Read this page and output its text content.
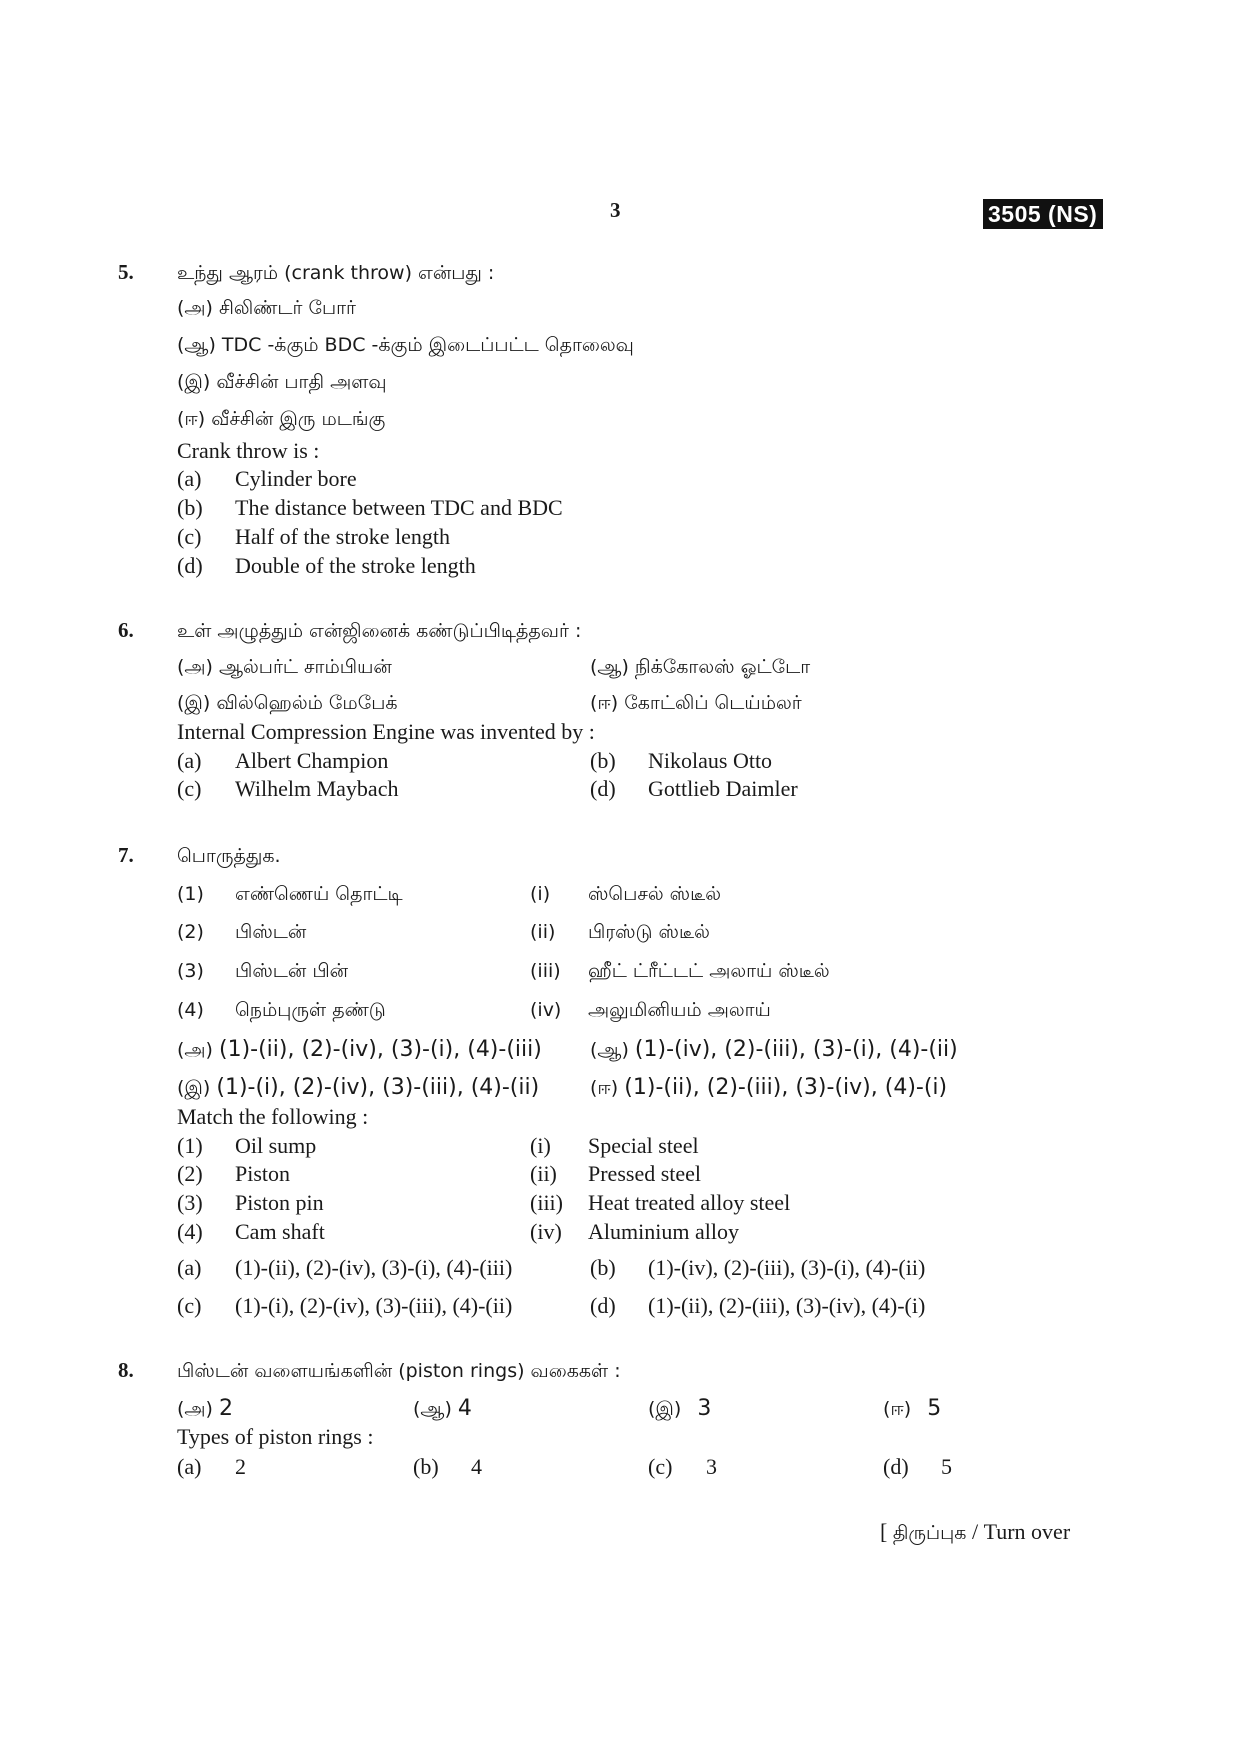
3	3505 (NS)
5. உந்து ஆரம் (crank throw) என்பது :
(அ) சிலிண்டர் போர்
(ஆ) TDC -க்கும் BDC -க்கும் இடைப்பட்ட தொலைவு
(இ) வீச்சின் பாதி அளவு
(ஈ) வீச்சின் இரு மடங்கு
Crank throw is :
(a) Cylinder bore
(b) The distance between TDC and BDC
(c) Half of the stroke length
(d) Double of the stroke length
6. உள் அழுத்தும் என்ஜினைக் கண்டுப்பிடித்தவர் :
(அ) ஆல்பர்ட் சாம்பியன்	(ஆ) நிக்கோலஸ் ஓட்டோ
(இ) வில்ஹெல்ம் மேபேக்	(ஈ) கோட்லிப் டெய்ம்லர்
Internal Compression Engine was invented by :
(a) Albert Champion	(b) Nikolaus Otto
(c) Wilhelm Maybach	(d) Gottlieb Daimler
7. பொருத்துக.
(1) எண்ணெய் தொட்டி	(i) ஸ்பெசல் ஸ்டீல்
(2) பிஸ்டன்	(ii) பிரஸ்டு ஸ்டீல்
(3) பிஸ்டன் பின்	(iii) ஹீட் ட்ரீட்டட் அலாய் ஸ்டீல்
(4) நெம்புருள் தண்டு	(iv) அலுமினியம் அலாய்
(அ) (1)-(ii), (2)-(iv), (3)-(i), (4)-(iii)	(ஆ) (1)-(iv), (2)-(iii), (3)-(i), (4)-(ii)
(இ) (1)-(i), (2)-(iv), (3)-(iii), (4)-(ii)	(ஈ) (1)-(ii), (2)-(iii), (3)-(iv), (4)-(i)
Match the following :
(1) Oil sump	(i) Special steel
(2) Piston	(ii) Pressed steel
(3) Piston pin	(iii) Heat treated alloy steel
(4) Cam shaft	(iv) Aluminium alloy
(a) (1)-(ii), (2)-(iv), (3)-(i), (4)-(iii)	(b) (1)-(iv), (2)-(iii), (3)-(i), (4)-(ii)
(c) (1)-(i), (2)-(iv), (3)-(iii), (4)-(ii)	(d) (1)-(ii), (2)-(iii), (3)-(iv), (4)-(i)
8. பிஸ்டன் வளையங்களின் (piston rings) வகைகள் :
(அ) 2	(ஆ) 4	(இ) 3	(ஈ) 5
Types of piston rings :
(a) 2	(b) 4	(c) 3	(d) 5
[ திருப்புக / Turn over
